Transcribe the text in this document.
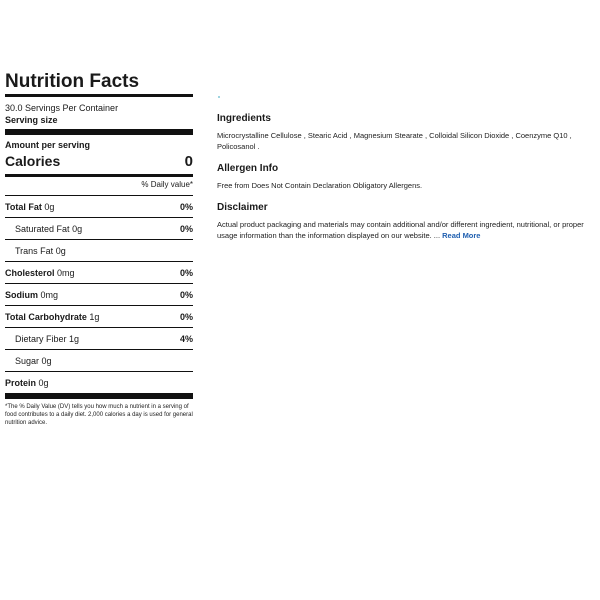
Nutrition Facts
30.0 Servings Per Container
Serving size
Amount per serving
Calories	0
% Daily value*
Total Fat 0g	0%
Saturated Fat 0g	0%
Trans Fat 0g
Cholesterol 0mg	0%
Sodium 0mg	0%
Total Carbohydrate 1g	0%
Dietary Fiber 1g	4%
Sugar 0g
Protein 0g
*The % Daily Value (DV) tells you how much a nutrient in a serving of food contributes to a daily diet. 2,000 calories a day is used for general nutrition advice.
Ingredients

Microcrystalline Cellulose , Stearic Acid , Magnesium Stearate , Colloidal Silicon Dioxide , Coenzyme Q10 , Policosanol .

Allergen Info

Free from Does Not Contain Declaration Obligatory Allergens.

Disclaimer

Actual product packaging and materials may contain additional and/or different ingredient, nutritional, or proper usage information than the information displayed on our website. ... Read More
